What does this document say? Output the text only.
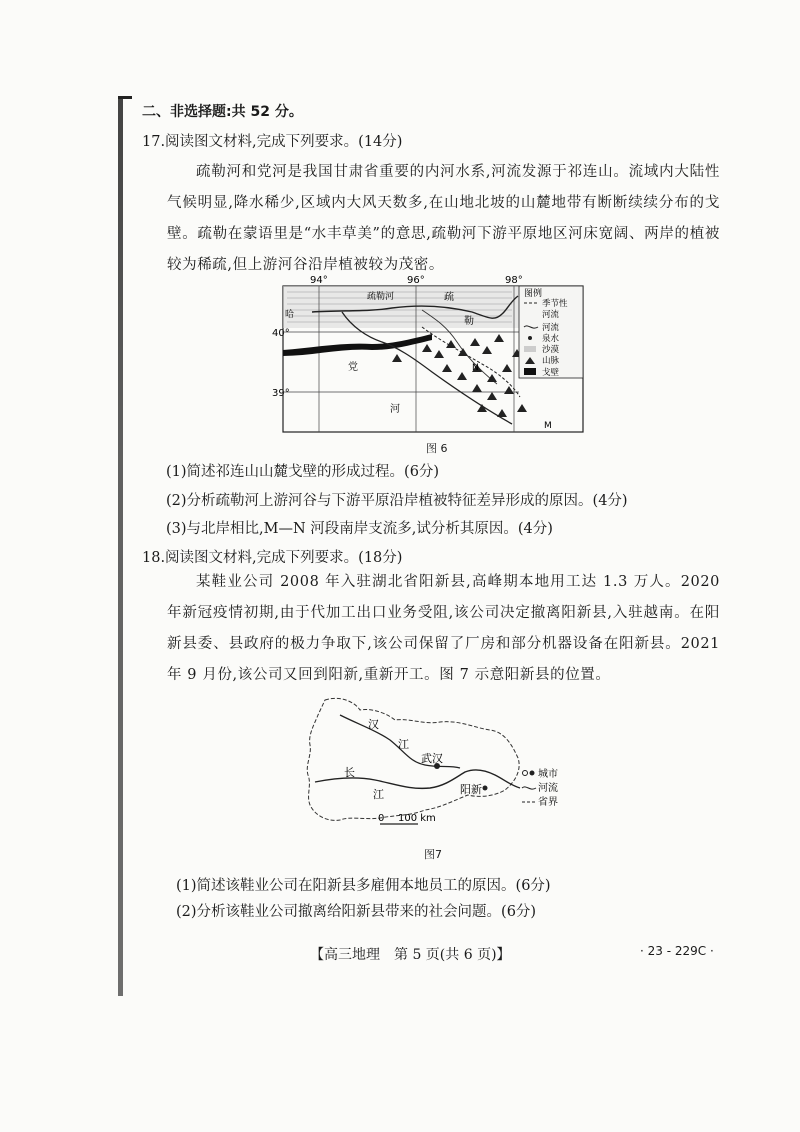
二、非选择题:共 52 分。
17.阅读图文材料,完成下列要求。(14分)
疏勒河和党河是我国甘肃省重要的内河水系,河流发源于祁连山。流域内大陆性气候明显,降水稀少,区域内大风天数多,在山地北坡的山麓地带有断断续续分布的戈壁。疏勒在蒙语里是“水丰草美”的意思,疏勒河下游平原地区河床宽阔、两岸的植被较为稀疏,但上游河谷沿岸植被较为茂密。
94°	96°	98°
40°
39°
哈
疏勒河
党
河
疏
勒
N
M
图例
季节性
河流
河流
泉水
沙漠
山脉
戈壁
图 6
(1)简述祁连山山麓戈壁的形成过程。(6分)
(2)分析疏勒河上游河谷与下游平原沿岸植被特征差异形成的原因。(4分)
(3)与北岸相比,M—N 河段南岸支流多,试分析其原因。(4分)
18.阅读图文材料,完成下列要求。(18分)
某鞋业公司 2008 年入驻湖北省阳新县,高峰期本地用工达 1.3 万人。2020 年新冠疫情初期,由于代加工出口业务受阻,该公司决定撤离阳新县,入驻越南。在阳新县委、县政府的极力争取下,该公司保留了厂房和部分机器设备在阳新县。2021 年 9 月份,该公司又回到阳新,重新开工。图 7 示意阳新县的位置。
汉
江
武汉
长
江	阳新
0 100 km
城市
河流
省界
图7
(1)简述该鞋业公司在阳新县多雇佣本地员工的原因。(6分)
(2)分析该鞋业公司撤离给阳新县带来的社会问题。(6分)
【高三地理　第 5 页(共 6 页)】	· 23 - 229C ·
